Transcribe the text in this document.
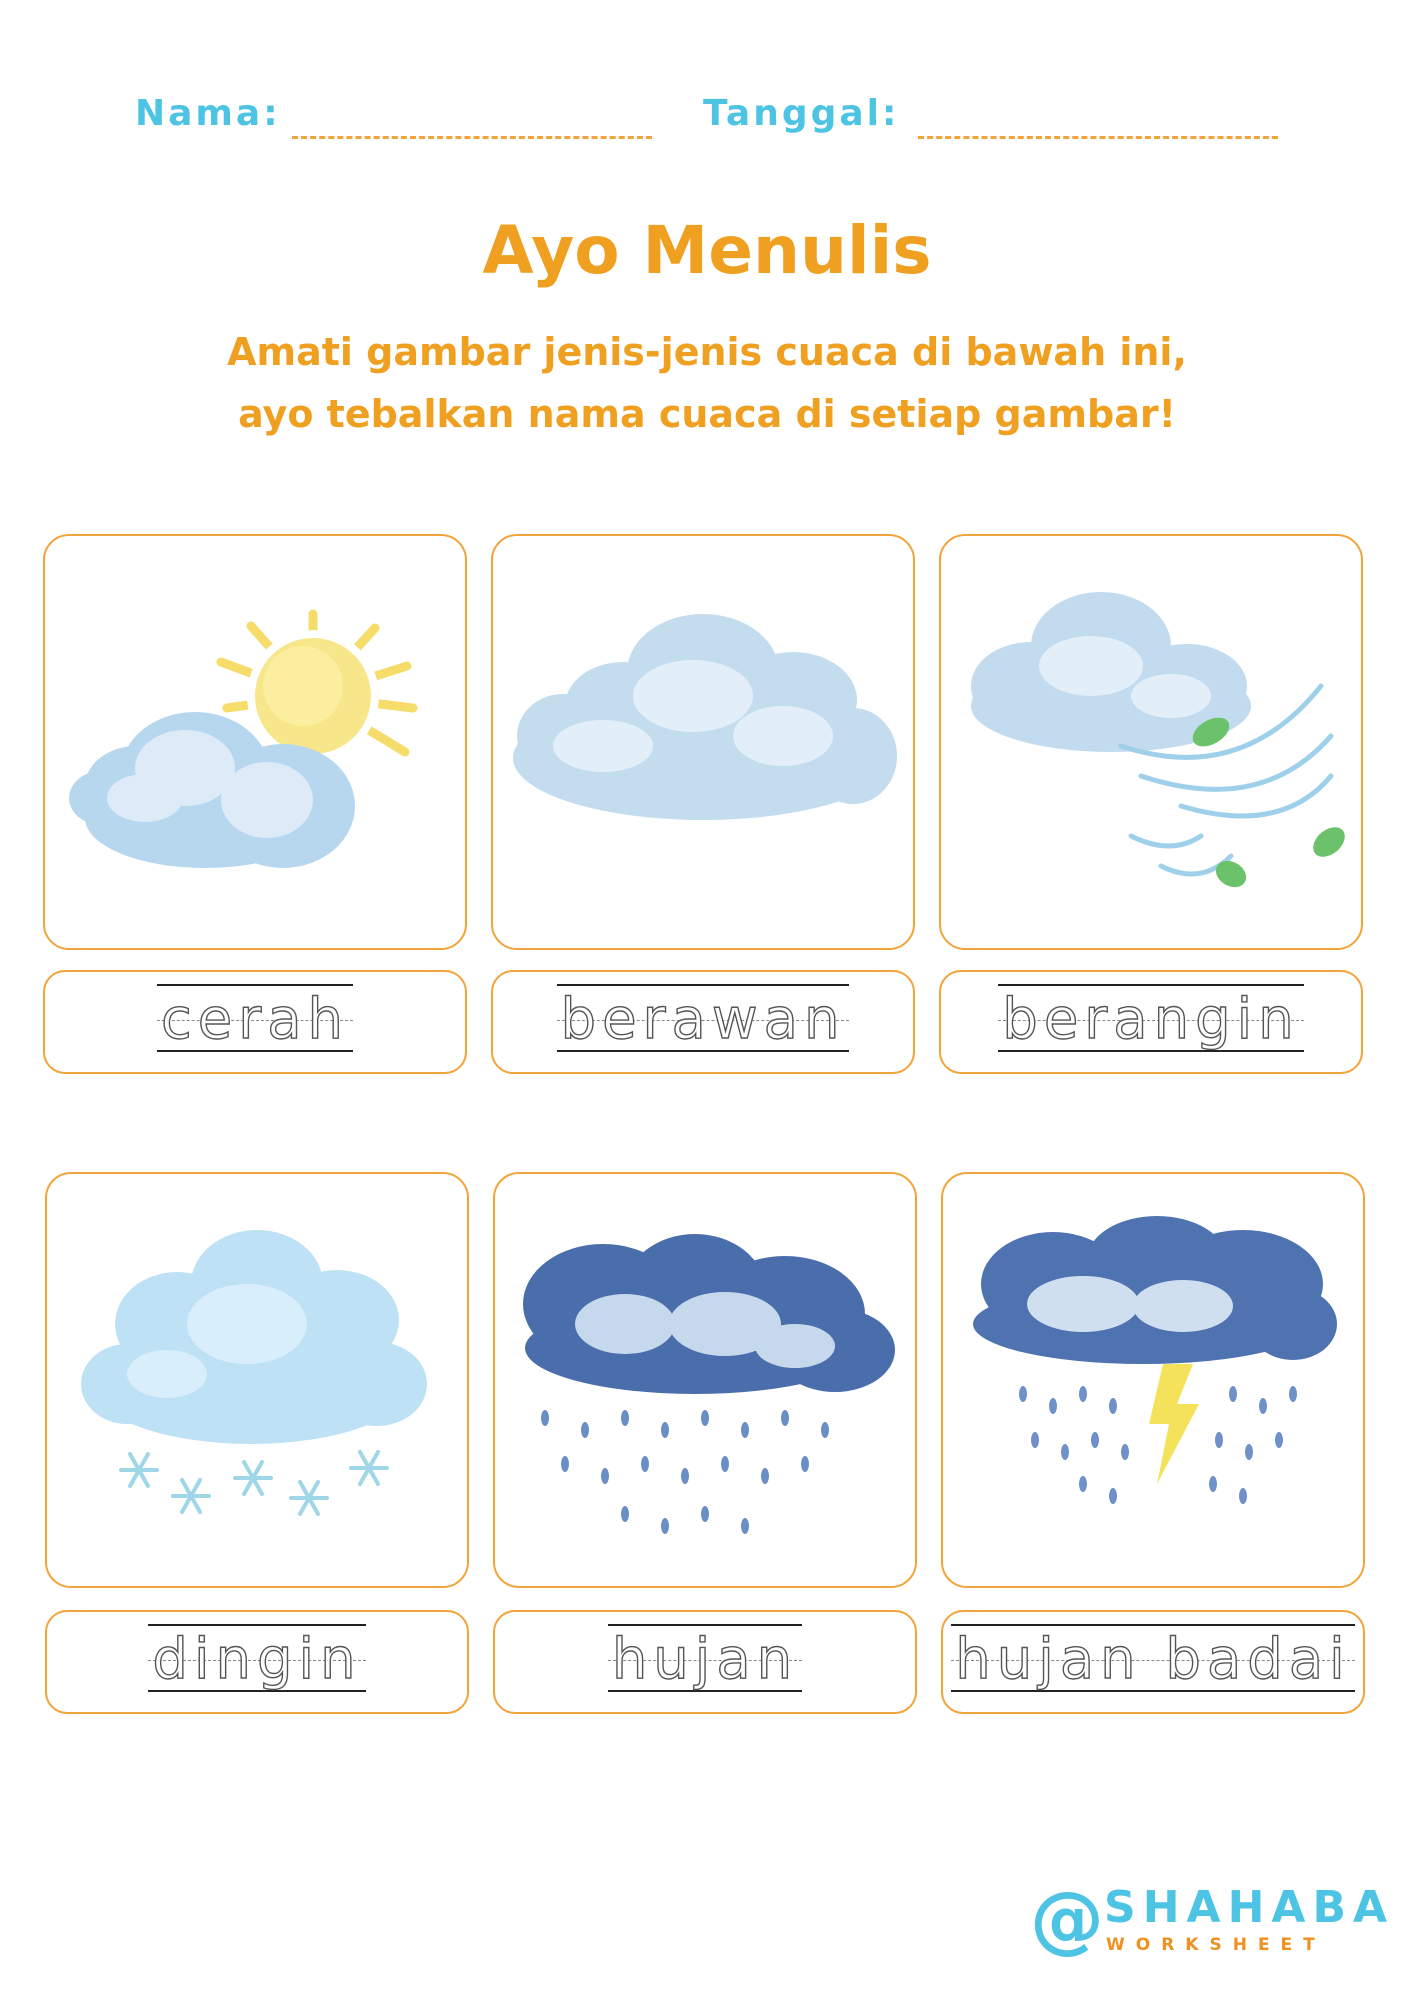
Nama:	Tanggal:
Ayo Menulis
Amati gambar jenis-jenis cuaca di bawah ini,
ayo tebalkan nama cuaca di setiap gambar!
cerah	berawan	berangin
dingin	hujan	hujan badai
@ SHAHABA
WORKSHEET
